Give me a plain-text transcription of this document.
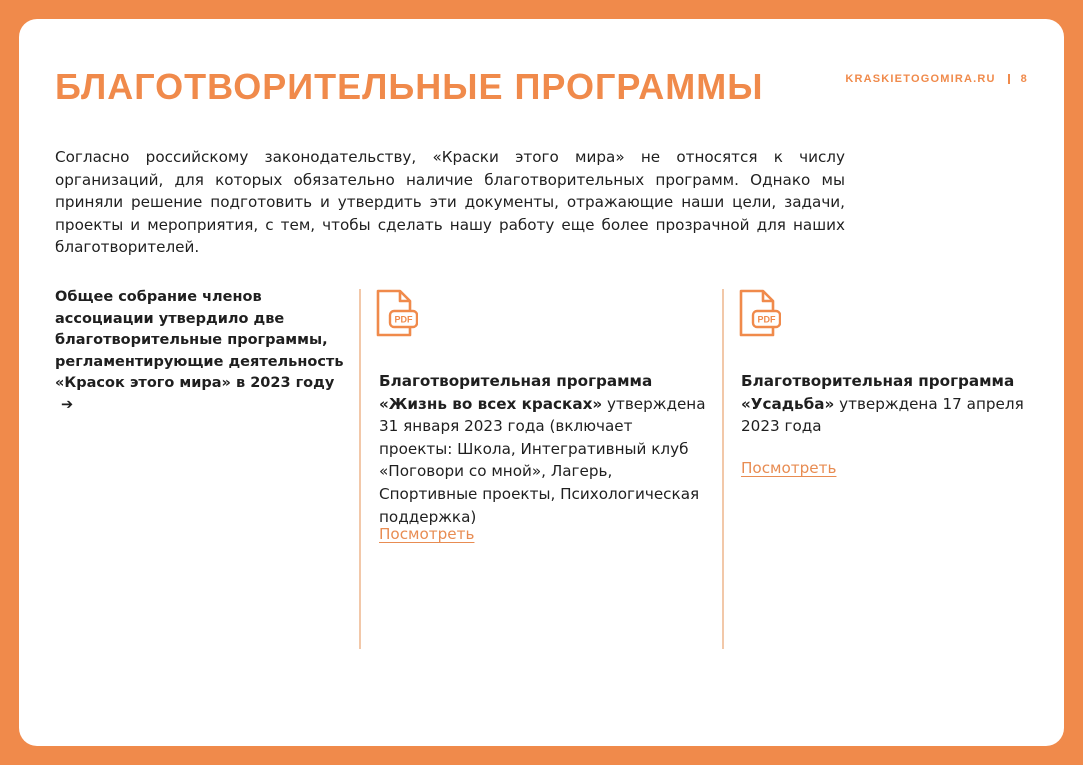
БЛАГОТВОРИТЕЛЬНЫЕ ПРОГРАММЫ	KRASKIETOGOMIRA.RU 8

Согласно российскому законодательству, «Краски этого мира» не относятся к числу организаций, для которых обязательно наличие благотворительных программ. Однако мы приняли решение подготовить и утвердить эти документы, отражающие наши цели, задачи, проекты и мероприятия, с тем, чтобы сделать нашу работу еще более прозрачной для наших благотворителей.

Общее собрание членов ассоциации утвердило две благотворительные программы, регламентирующие деятельность «Красок этого мира» в 2023 году➔

PDF

Благотворительная программа «Жизнь во всех красках» утверждена 31 января 2023 года (включает проекты: Школа, Интегративный клуб «Поговори со мной», Лагерь, Спортивные проекты, Психологическая поддержка)

Посмотреть
PDF

Благотворительная программа «Усадьба» утверждена 17 апреля 2023 года

Посмотреть
